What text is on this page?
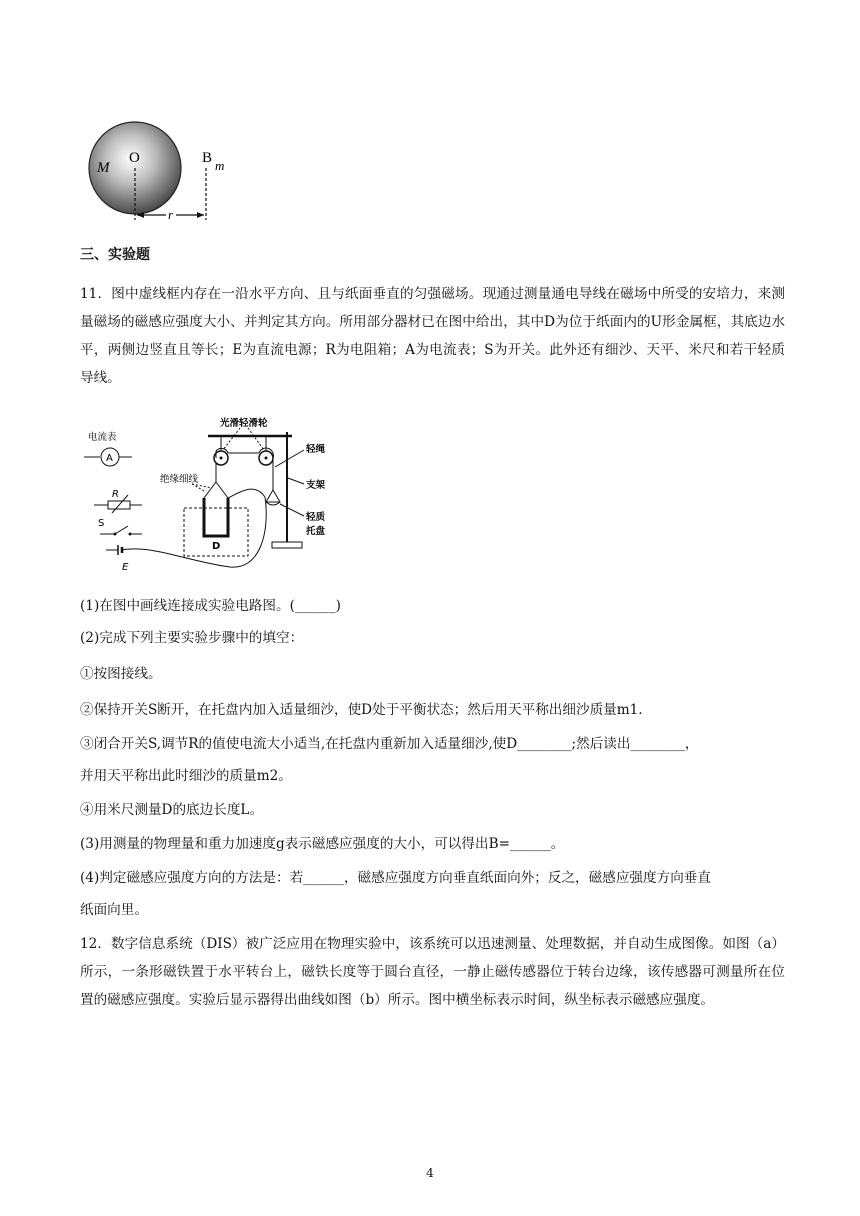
M
O	B m
r
三、实验题
11．图中虚线框内存在一沿水平方向、且与纸面垂直的匀强磁场。现通过测量通电导线在磁场中所受的安培力，来测量磁场的磁感应强度大小、并判定其方向。所用部分器材已在图中给出，其中D为位于纸面内的U形金属框，其底边水平，两侧边竖直且等长；E为直流电源；R为电阻箱；A为电流表；S为开关。此外还有细沙、天平、米尺和若干轻质导线。
电流表
A
R
S
E
D
绝缘细线
光滑轻滑轮
轻绳
支架
轻质
托盘
(1)在图中画线连接成实验电路图。(______)
(2)完成下列主要实验步骤中的填空：
①按图接线。
②保持开关S断开，在托盘内加入适量细沙，使D处于平衡状态；然后用天平称出细沙质量m1.
③闭合开关S,调节R的值使电流大小适当,在托盘内重新加入适量细沙,使D________;然后读出________，
并用天平称出此时细沙的质量m2。
④用米尺测量D的底边长度L。
(3)用测量的物理量和重力加速度g表示磁感应强度的大小，可以得出B=______。
(4)判定磁感应强度方向的方法是：若______，磁感应强度方向垂直纸面向外；反之，磁感应强度方向垂直
纸面向里。
12．数字信息系统（DIS）被广泛应用在物理实验中，该系统可以迅速测量、处理数据，并自动生成图像。如图（a）所示，一条形磁铁置于水平转台上，磁铁长度等于圆台直径，一静止磁传感器位于转台边缘，该传感器可测量所在位置的磁感应强度。实验后显示器得出曲线如图（b）所示。图中横坐标表示时间，纵坐标表示磁感应强度。
4
